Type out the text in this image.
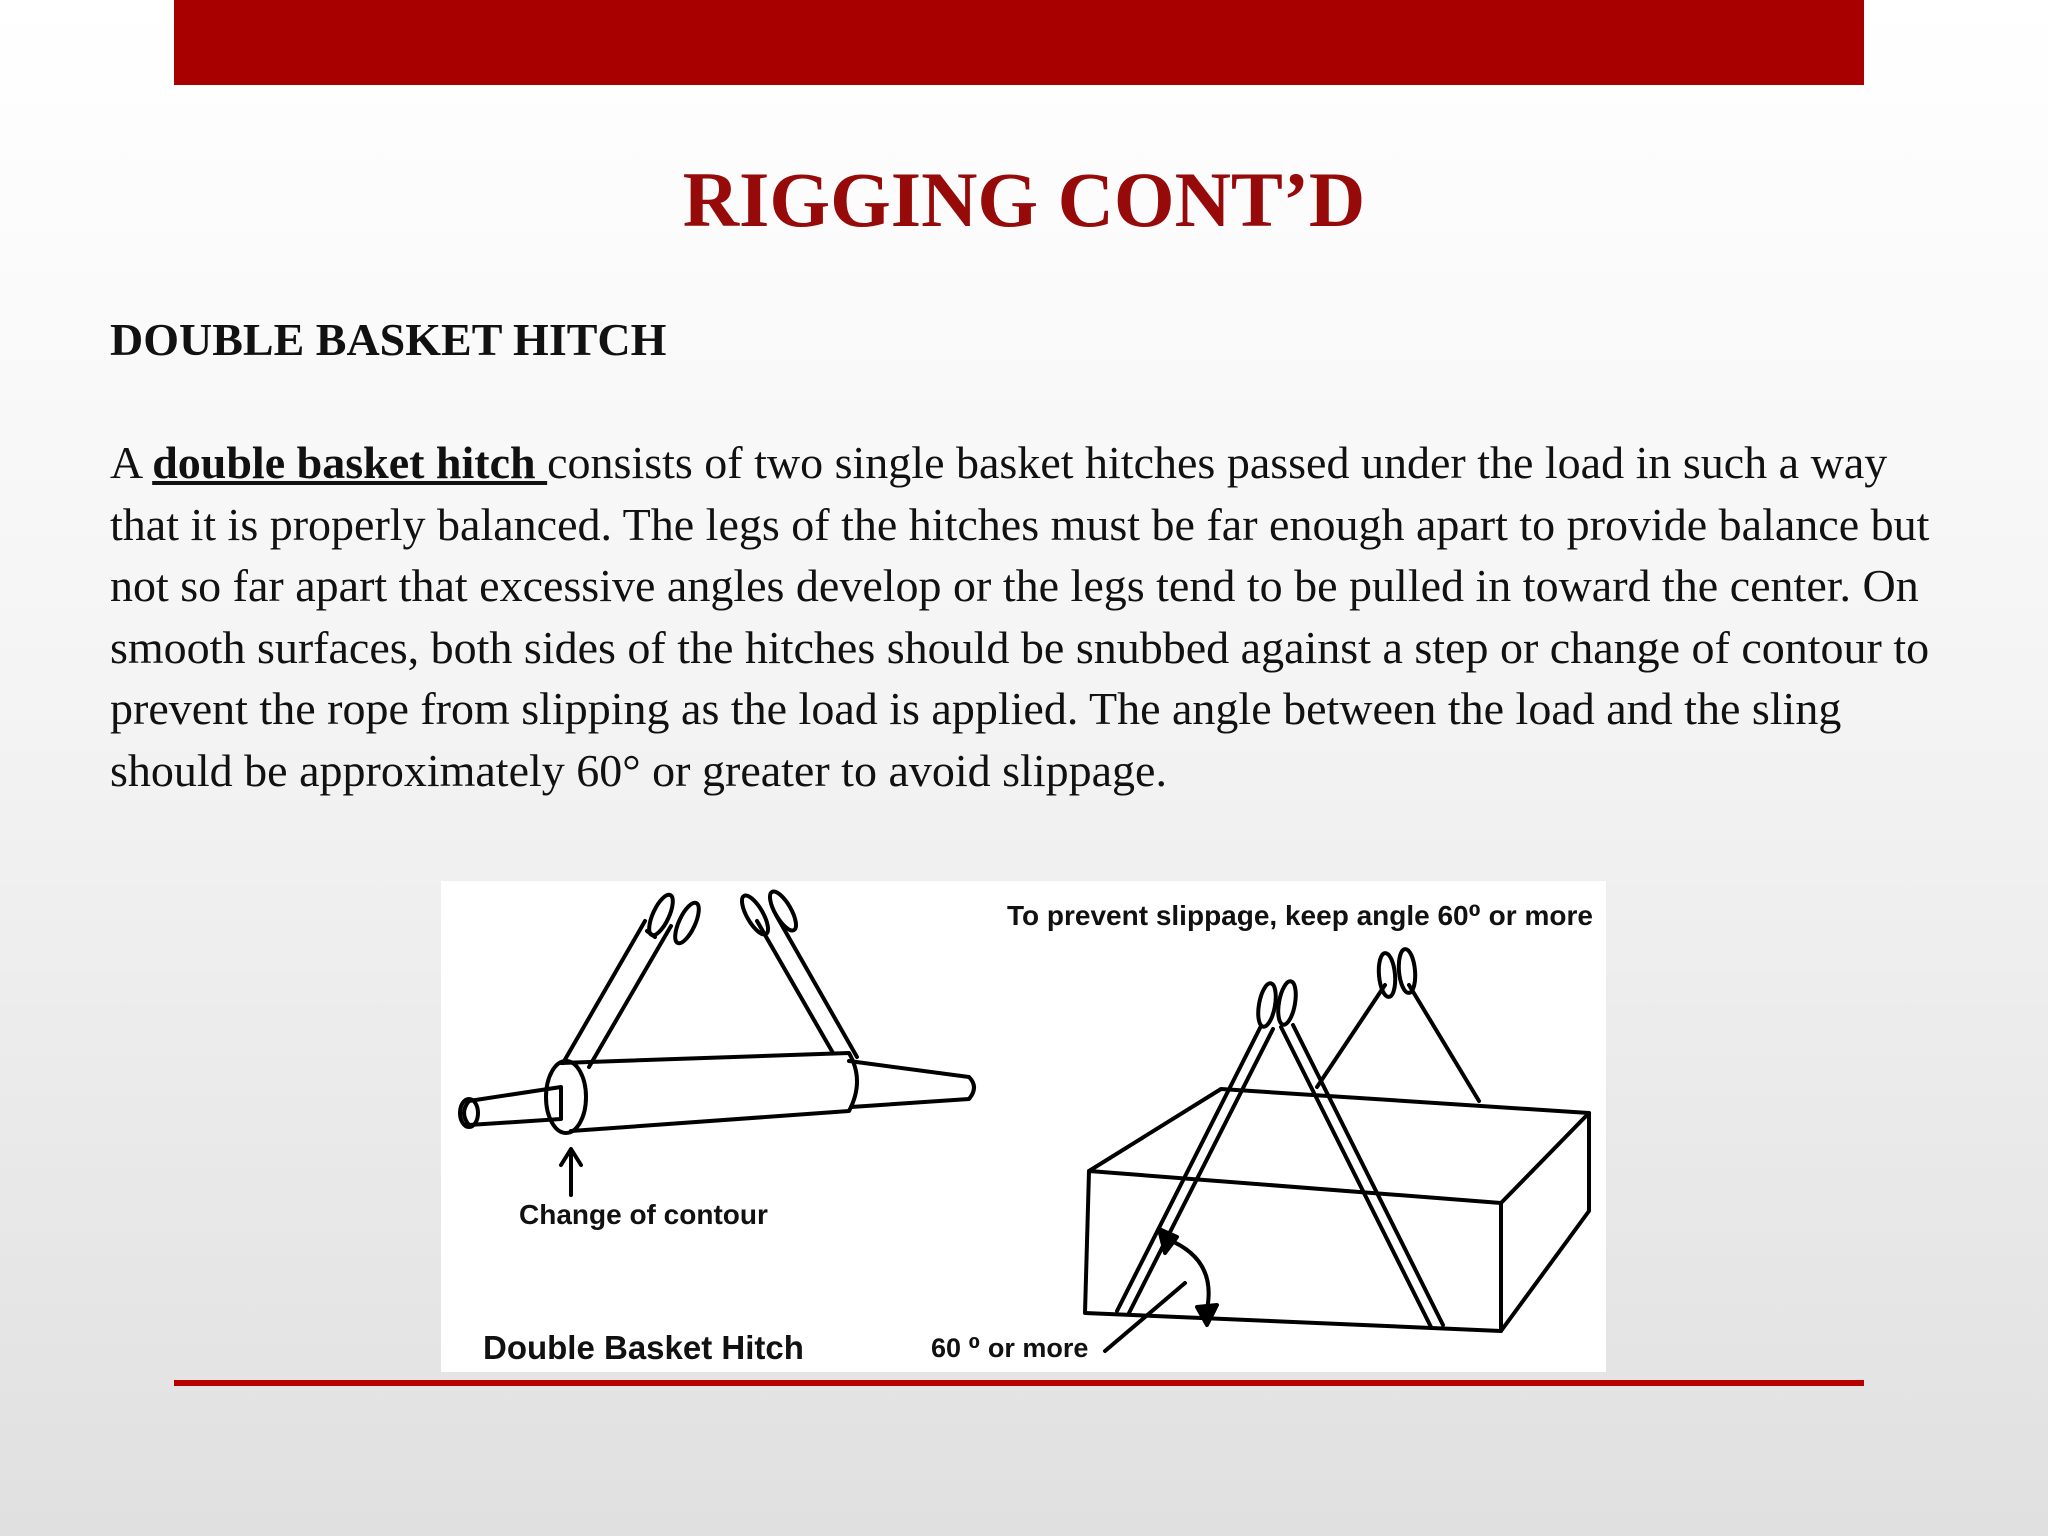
RIGGING CONT’D
DOUBLE BASKET HITCH

A double basket hitch consists of two single basket hitches passed under the load in such a way that it is properly balanced. The legs of the hitches must be far enough apart to provide balance but not so far apart that excessive angles develop or the legs tend to be pulled in toward the center. On smooth surfaces, both sides of the hitches should be snubbed against a step or change of contour to prevent the rope from slipping as the load is applied. The angle between the load and the sling should be approximately 60° or greater to avoid slippage.

To prevent slippage, keep angle 60⁰ or more

Change of contour

Double Basket Hitch	60 ⁰ or more
